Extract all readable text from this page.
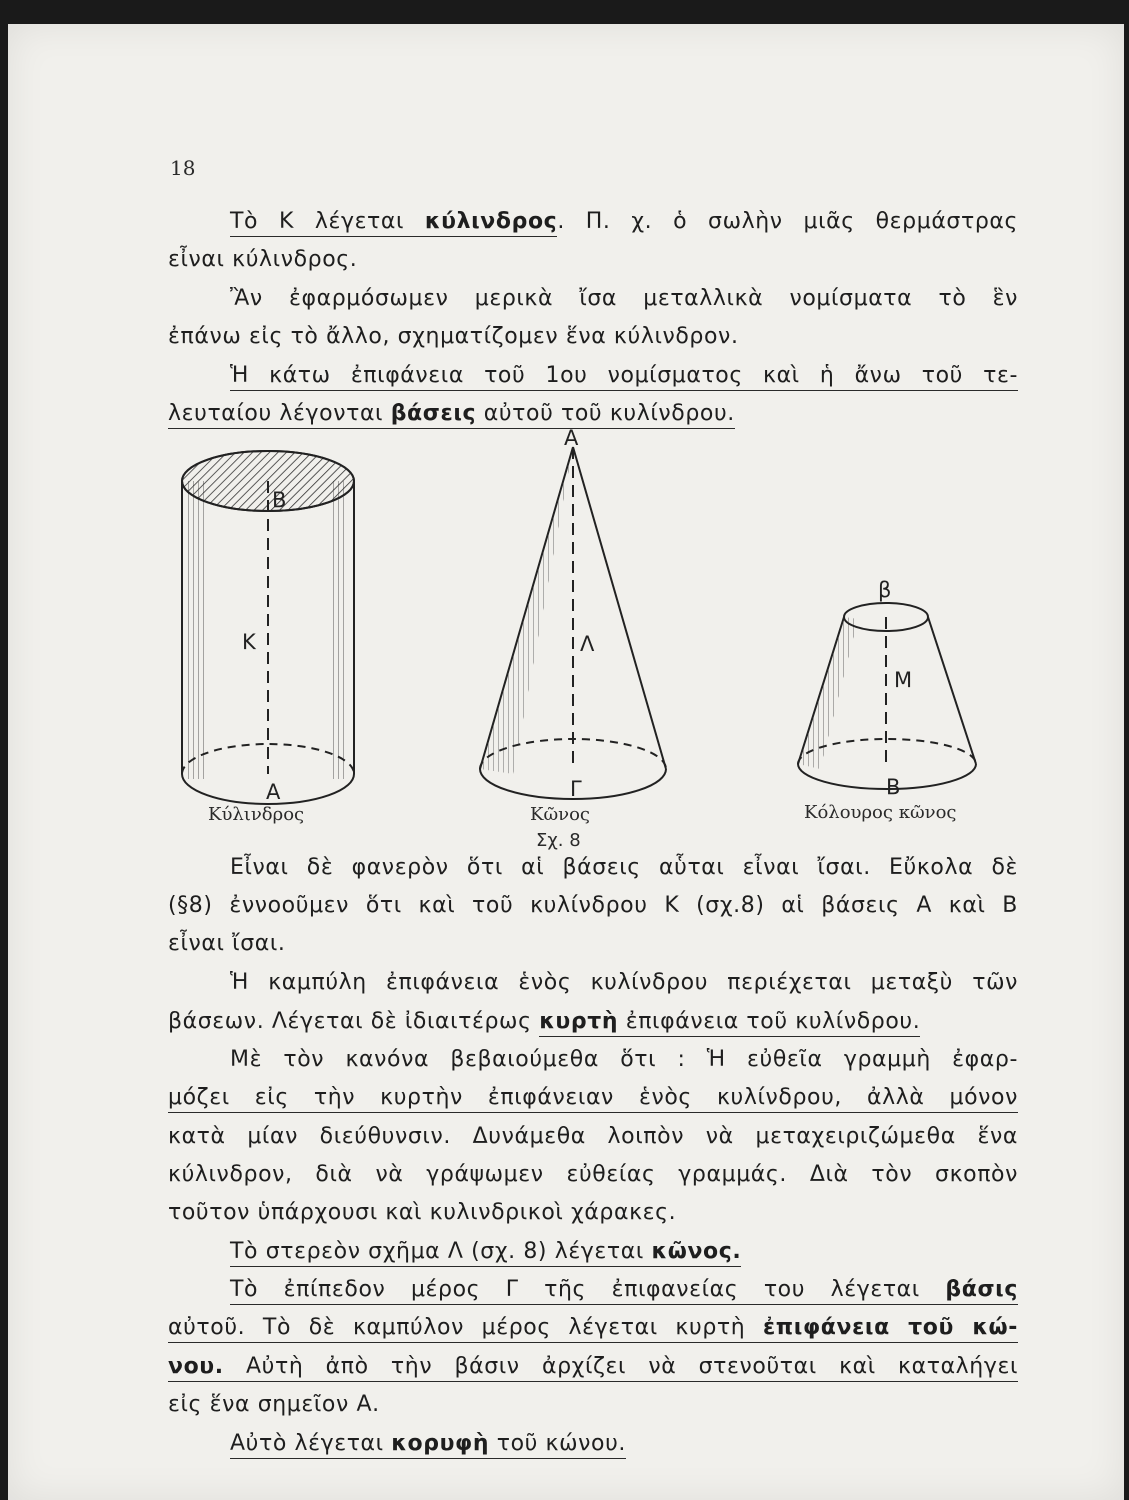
18
Τὸ Κ λέγεται κύλινδρος. Π. χ. ὁ σωλὴν μιᾶς θερμάστρας
εἶναι κύλινδρος.
Ἂν ἐφαρμόσωμεν μερικὰ ἴσα μεταλλικὰ νομίσματα τὸ ἓν
ἐπάνω εἰς τὸ ἄλλο, σχηματίζομεν ἕνα κύλινδρον.
Ἡ κάτω ἐπιφάνεια τοῦ 1ου νομίσματος καὶ ἡ ἄνω τοῦ τε-
λευταίου λέγονται βάσεις αὐτοῦ τοῦ κυλίνδρου.
Β
Κ
Α
Α
Λ
Γ
β
Μ
Β
Κύλινδρος	Κῶνος	Κόλουρος κῶνος
Σχ. 8
Εἶναι δὲ φανερὸν ὅτι αἱ βάσεις αὗται εἶναι ἴσαι. Εὔκολα δὲ
(§8) ἐννοοῦμεν ὅτι καὶ τοῦ κυλίνδρου Κ (σχ.8) αἱ βάσεις Α καὶ Β
εἶναι ἴσαι.
Ἡ καμπύλη ἐπιφάνεια ἑνὸς κυλίνδρου περιέχεται μεταξὺ τῶν
βάσεων. Λέγεται δὲ ἰδιαιτέρως κυρτὴ ἐπιφάνεια τοῦ κυλίνδρου.
Μὲ τὸν κανόνα βεβαιούμεθα ὅτι : Ἡ εὐθεῖα γραμμὴ ἐφαρ-
μόζει εἰς τὴν κυρτὴν ἐπιφάνειαν ἑνὸς κυλίνδρου, ἀλλὰ μόνον
κατὰ μίαν διεύθυνσιν. Δυνάμεθα λοιπὸν νὰ μεταχειριζώμεθα ἕνα
κύλινδρον, διὰ νὰ γράψωμεν εὐθείας γραμμάς. Διὰ τὸν σκοπὸν
τοῦτον ὑπάρχουσι καὶ κυλινδρικοὶ χάρακες.
Τὸ στερεὸν σχῆμα Λ (σχ. 8) λέγεται κῶνος.
Τὸ ἐπίπεδον μέρος Γ τῆς ἐπιφανείας του λέγεται βάσις
αὐτοῦ. Τὸ δὲ καμπύλον μέρος λέγεται κυρτὴ ἐπιφάνεια τοῦ κώ-
νου. Αὐτὴ ἀπὸ τὴν βάσιν ἀρχίζει νὰ στενοῦται καὶ καταλήγει
εἰς ἕνα σημεῖον Α.
Αὐτὸ λέγεται κορυφὴ τοῦ κώνου.
